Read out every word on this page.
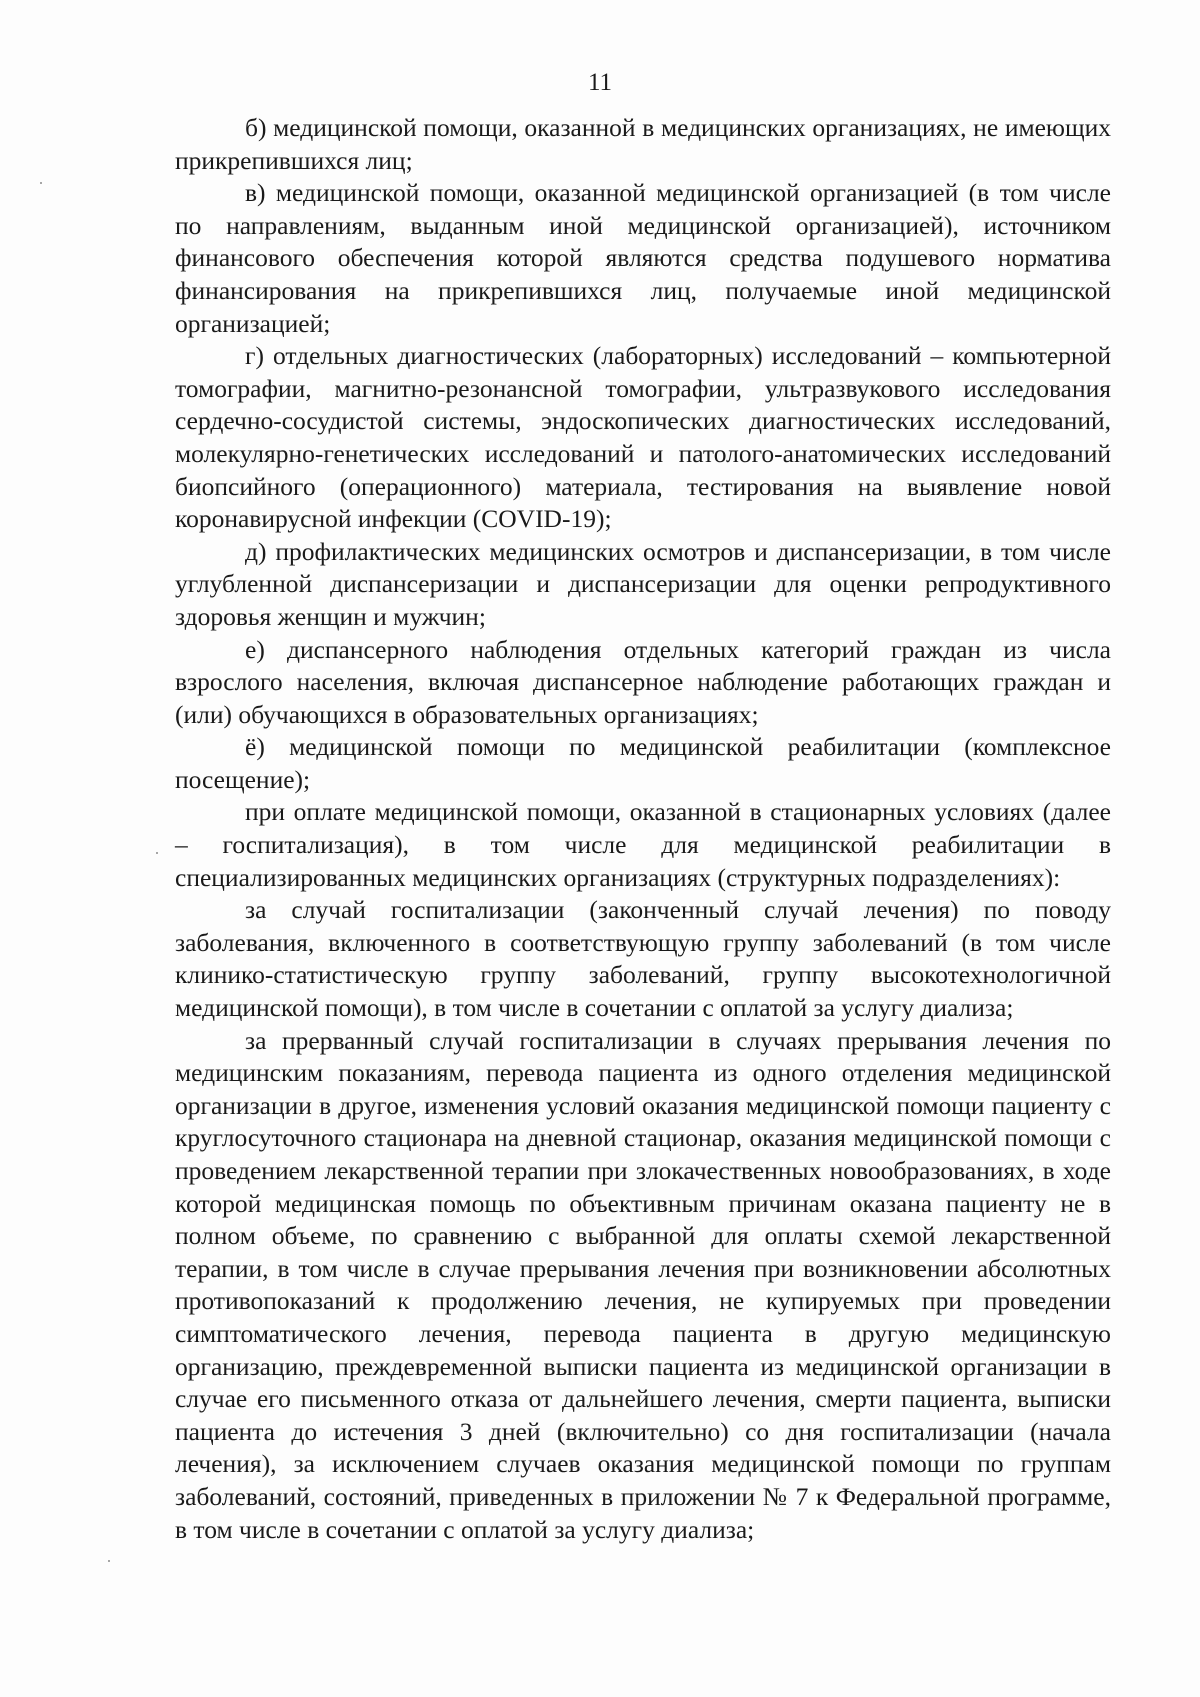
11

б) медицинской помощи, оказанной в медицинских организациях, не имеющих прикрепившихся лиц;

в) медицинской помощи, оказанной медицинской организацией (в том числе по направлениям, выданным иной медицинской организацией), источником финансового обеспечения которой являются средства подушевого норматива финансирования на прикрепившихся лиц, получаемые иной медицинской организацией;

г) отдельных диагностических (лабораторных) исследований – компьютерной томографии, магнитно-резонансной томографии, ультразвукового исследования сердечно-сосудистой системы, эндоскопических диагностических исследований, молекулярно-генетических исследований и патолого-анатомических исследований биопсийного (операционного) материала, тестирования на выявление новой коронавирусной инфекции (COVID-19);

д) профилактических медицинских осмотров и диспансеризации, в том числе углубленной диспансеризации и диспансеризации для оценки репродуктивного здоровья женщин и мужчин;

е) диспансерного наблюдения отдельных категорий граждан из числа взрослого населения, включая диспансерное наблюдение работающих граждан и (или) обучающихся в образовательных организациях;

ё) медицинской помощи по медицинской реабилитации (комплексное посещение);

при оплате медицинской помощи, оказанной в стационарных условиях (далее – госпитализация), в том числе для медицинской реабилитации в специализированных медицинских организациях (структурных подразделениях):

за случай госпитализации (законченный случай лечения) по поводу заболевания, включенного в соответствующую группу заболеваний (в том числе клинико-статистическую группу заболеваний, группу высокотехнологичной медицинской помощи), в том числе в сочетании с оплатой за услугу диализа;

за прерванный случай госпитализации в случаях прерывания лечения по медицинским показаниям, перевода пациента из одного отделения медицинской организации в другое, изменения условий оказания медицинской помощи пациенту с круглосуточного стационара на дневной стационар, оказания медицинской помощи с проведением лекарственной терапии при злокачественных новообразованиях, в ходе которой медицинская помощь по объективным причинам оказана пациенту не в полном объеме, по сравнению с выбранной для оплаты схемой лекарственной терапии, в том числе в случае прерывания лечения при возникновении абсолютных противопоказаний к продолжению лечения, не купируемых при проведении симптоматического лечения, перевода пациента в другую медицинскую организацию, преждевременной выписки пациента из медицинской организации в случае его письменного отказа от дальнейшего лечения, смерти пациента, выписки пациента до истечения 3 дней (включительно) со дня госпитализации (начала лечения), за исключением случаев оказания медицинской помощи по группам заболеваний, состояний, приведенных в приложении № 7 к Федеральной программе, в том числе в сочетании с оплатой за услугу диализа;
